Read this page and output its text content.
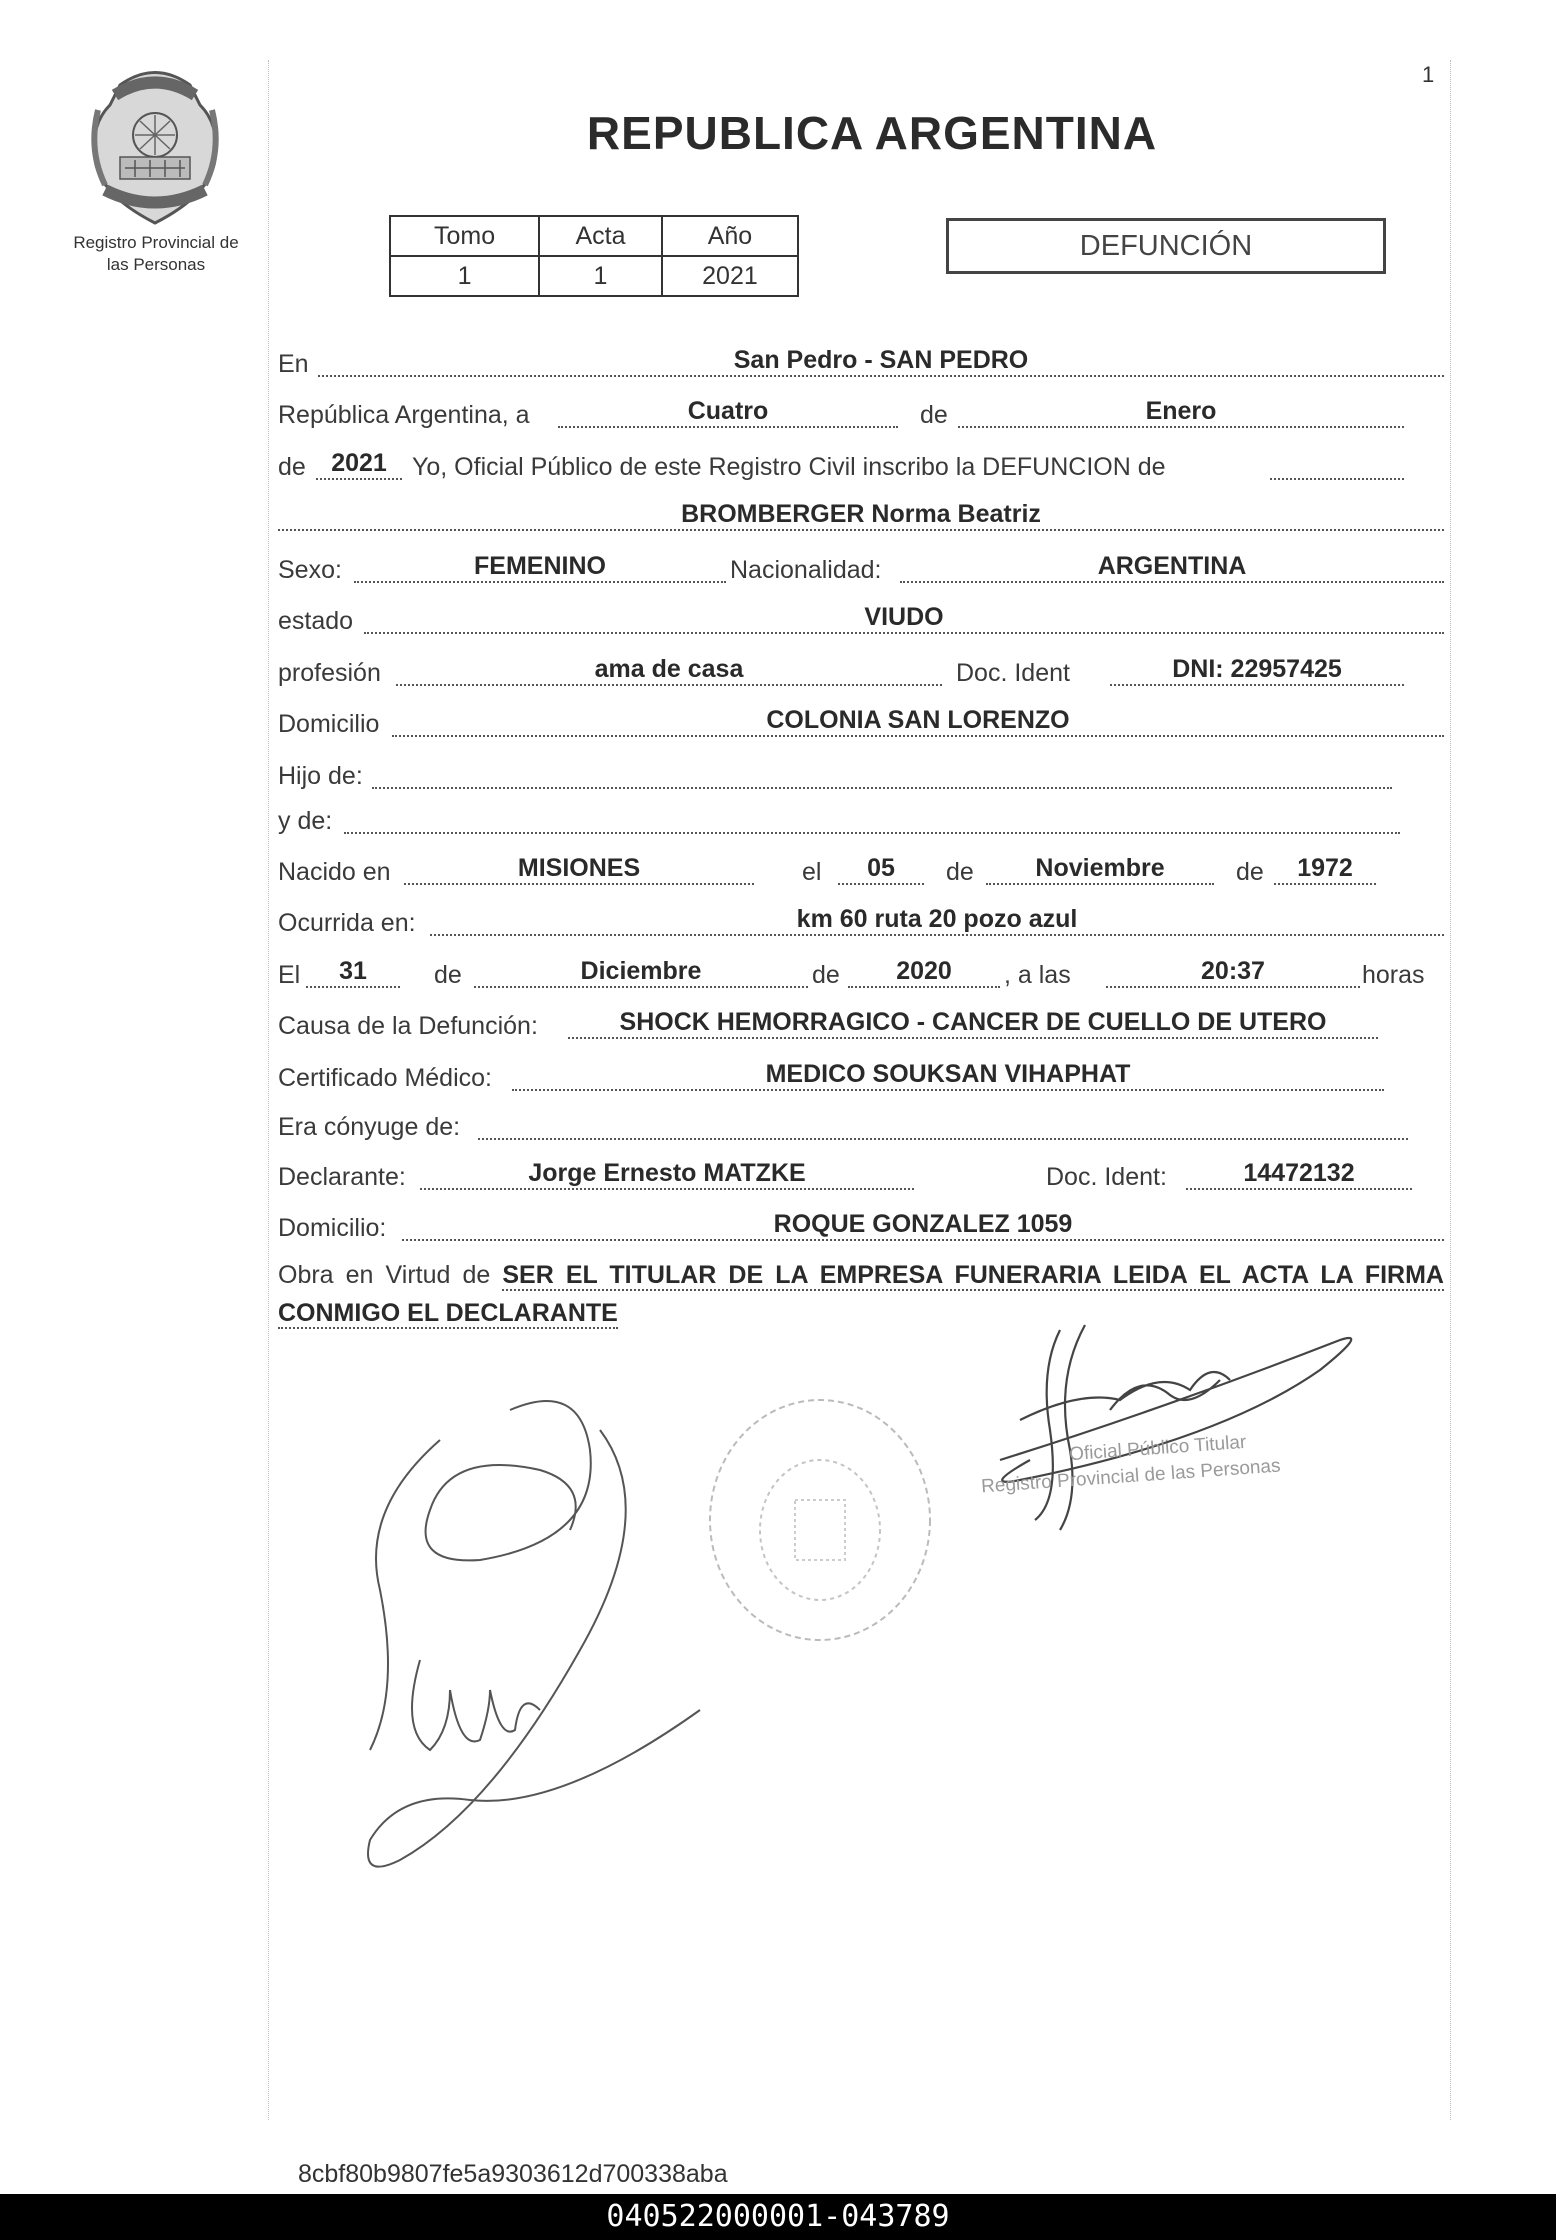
1
Registro Provincial de
las Personas
REPUBLICA ARGENTINA
Tomo	Acta	Año
1	1	2021
DEFUNCIÓN
En	San Pedro - SAN PEDRO
República Argentina, a	Cuatro	de	Enero
de	2021	Yo, Oficial Público de este Registro Civil inscribo la DEFUNCION de
BROMBERGER Norma Beatriz
Sexo:	FEMENINO	Nacionalidad:	ARGENTINA
estado	VIUDO
profesión	ama de casa	Doc. Ident	DNI: 22957425
Domicilio	COLONIA SAN LORENZO
Hijo de:
y de:
Nacido en	MISIONES	el	05	de	Noviembre	de	1972
Ocurrida en:	km 60 ruta 20 pozo azul
El	31	de	Diciembre	de	2020	, a las	20:37	horas
Causa de la Defunción:	SHOCK HEMORRAGICO - CANCER DE CUELLO DE UTERO
Certificado Médico:	MEDICO SOUKSAN VIHAPHAT
Era cónyuge de:
Declarante:	Jorge Ernesto MATZKE	Doc. Ident:	14472132
Domicilio:	ROQUE GONZALEZ 1059
Obra en Virtud de SER EL TITULAR DE LA EMPRESA FUNERARIA LEIDA EL ACTA LA FIRMA CONMIGO EL DECLARANTE
Oficial Público Titular
Registro Provincial de las Personas
8cbf80b9807fe5a9303612d700338aba
040522000001-043789
